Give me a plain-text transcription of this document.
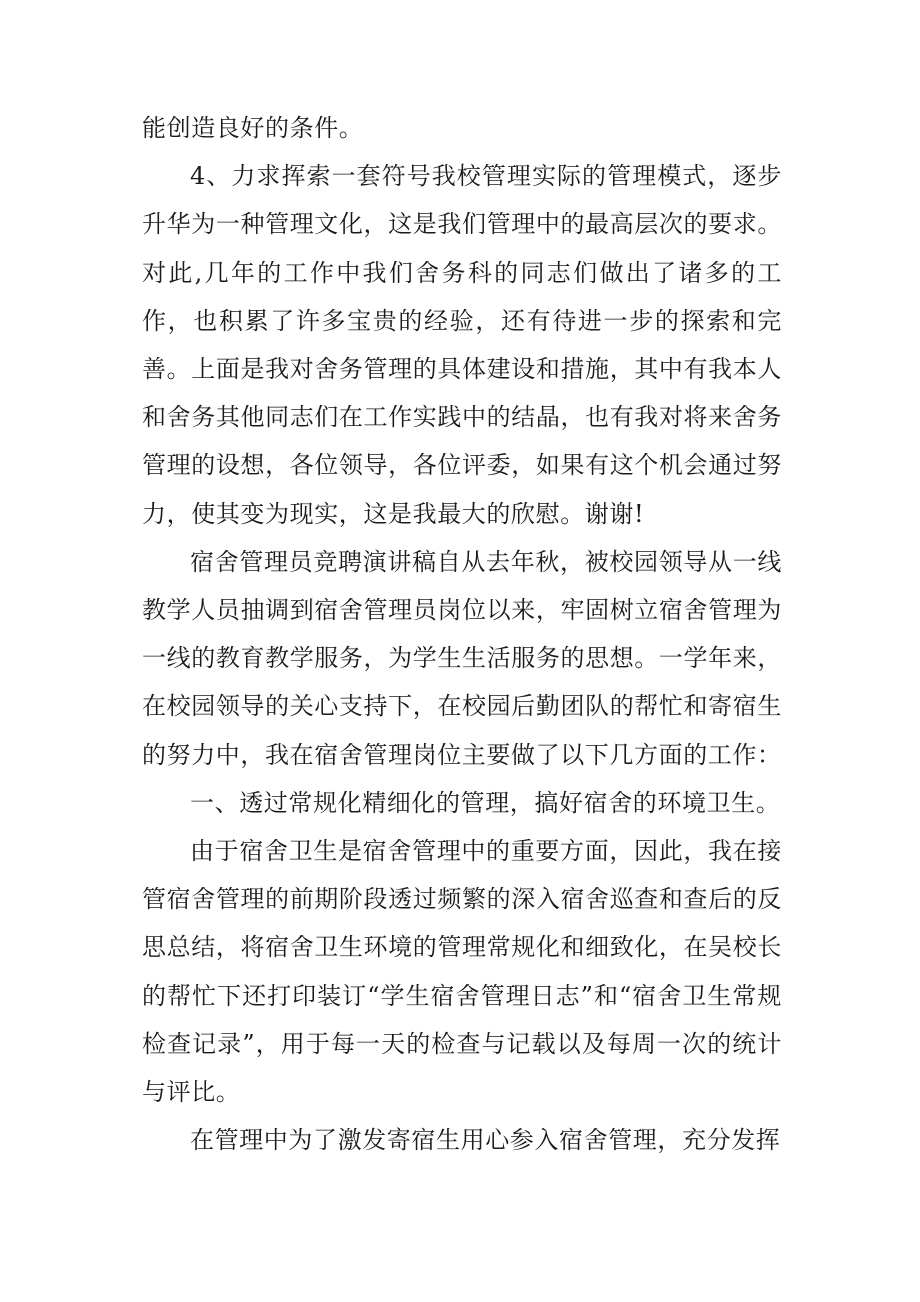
能创造良好的条件。

4、力求挥索一套符号我校管理实际的管理模式，逐步升华为一种管理文化，这是我们管理中的最高层次的要求。对此,几年的工作中我们舍务科的同志们做出了诸多的工作，也积累了许多宝贵的经验，还有待进一步的探索和完善。上面是我对舍务管理的具体建设和措施，其中有我本人和舍务其他同志们在工作实践中的结晶，也有我对将来舍务管理的设想，各位领导，各位评委，如果有这个机会通过努力，使其变为现实，这是我最大的欣慰。谢谢!

宿舍管理员竞聘演讲稿自从去年秋，被校园领导从一线教学人员抽调到宿舍管理员岗位以来，牢固树立宿舍管理为一线的教育教学服务，为学生生活服务的思想。一学年来，在校园领导的关心支持下，在校园后勤团队的帮忙和寄宿生的努力中，我在宿舍管理岗位主要做了以下几方面的工作：

一、透过常规化精细化的管理，搞好宿舍的环境卫生。

由于宿舍卫生是宿舍管理中的重要方面，因此，我在接管宿舍管理的前期阶段透过频繁的深入宿舍巡查和查后的反思总结，将宿舍卫生环境的管理常规化和细致化，在吴校长的帮忙下还打印装订“学生宿舍管理日志”和“宿舍卫生常规检查记录”，用于每一天的检查与记载以及每周一次的统计与评比。

在管理中为了激发寄宿生用心参入宿舍管理，充分发挥
